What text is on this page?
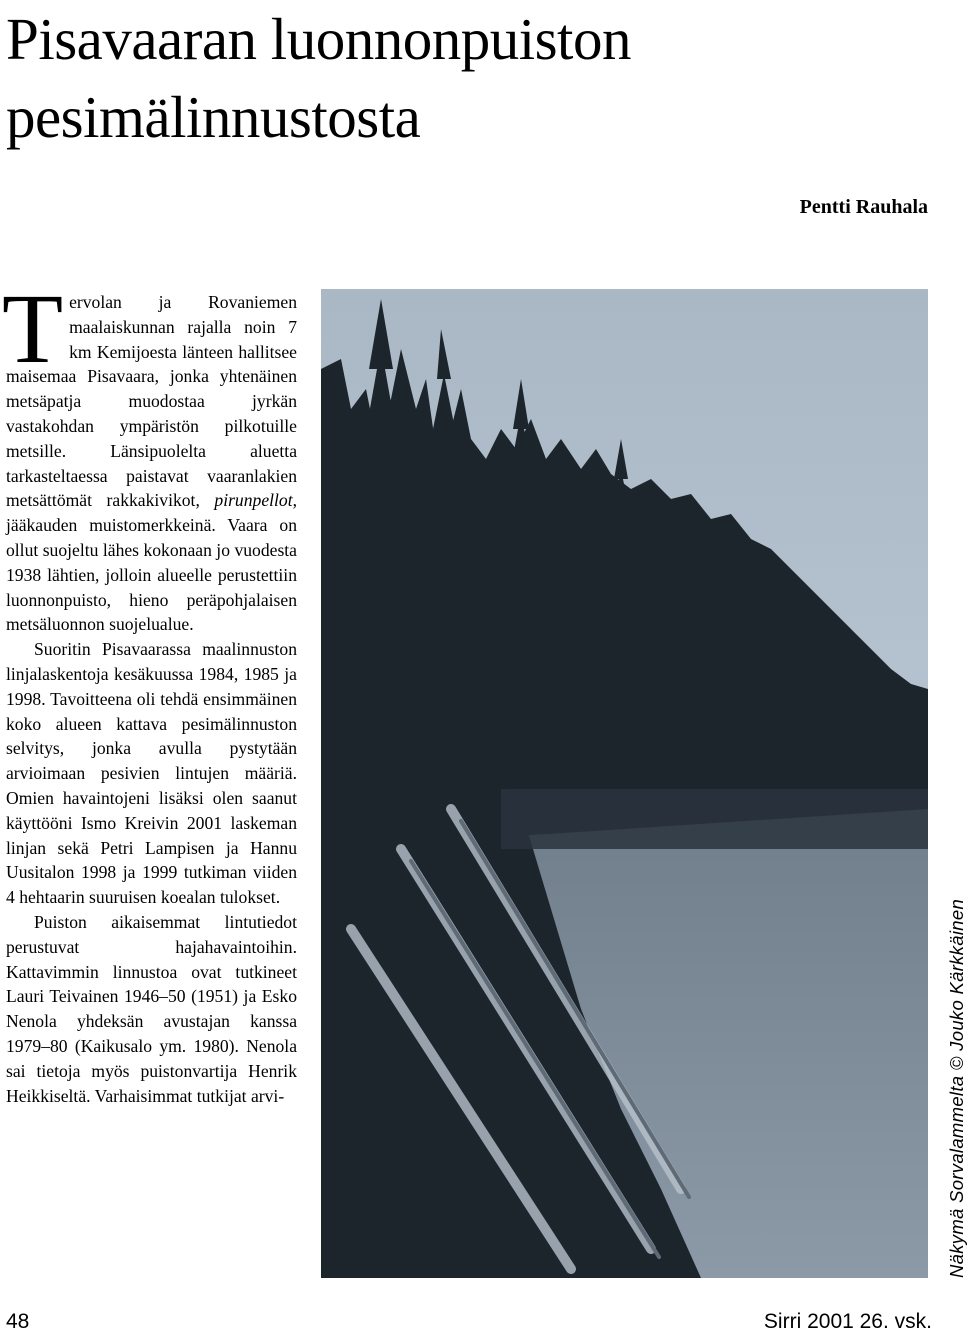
Pisavaaran luonnonpuiston pesimälinnustosta
Pentti Rauhala

Tervolan ja Rovaniemen maalaiskunnan rajalla noin 7 km Kemijoesta länteen hallitsee maisemaa Pisavaara, jonka yhtenäinen metsäpatja muodostaa jyrkän vastakohdan ympäristön pilkotuille metsille. Länsipuolelta aluetta tarkasteltaessa paistavat vaaranlakien metsättömät rakkakivikot, pirunpellot, jääkauden muistomerkkeinä. Vaara on ollut suojeltu lähes kokonaan jo vuodesta 1938 lähtien, jolloin alueelle perustettiin luonnonpuisto, hieno peräpohjalaisen metsäluonnon suojelualue.

Suoritin Pisavaarassa maalinnuston linjalaskentoja kesäkuussa 1984, 1985 ja 1998. Tavoitteena oli tehdä ensimmäinen koko alueen kattava pesimälinnuston selvitys, jonka avulla pystytään arvioimaan pesivien lintujen määriä. Omien havaintojeni lisäksi olen saanut käyttööni Ismo Kreivin 2001 laskeman linjan sekä Petri Lampisen ja Hannu Uusitalon 1998 ja 1999 tutkiman viiden 4 hehtaarin suuruisen koealan tulokset.

Puiston aikaisemmat lintutiedot perustuvat hajahavaintoihin. Kattavimmin linnustoa ovat tutkineet Lauri Teivainen 1946–50 (1951) ja Esko Nenola yhdeksän avustajan kanssa 1979–80 (Kaikusalo ym. 1980). Nenola sai tietoja myös puistonvartija Henrik Heikkiseltä. Varhaisimmat tutkijat arvi-	Näkymä Sorvalammelta © Jouko Kärkkäinen
48	Sirri 2001 26. vsk.
